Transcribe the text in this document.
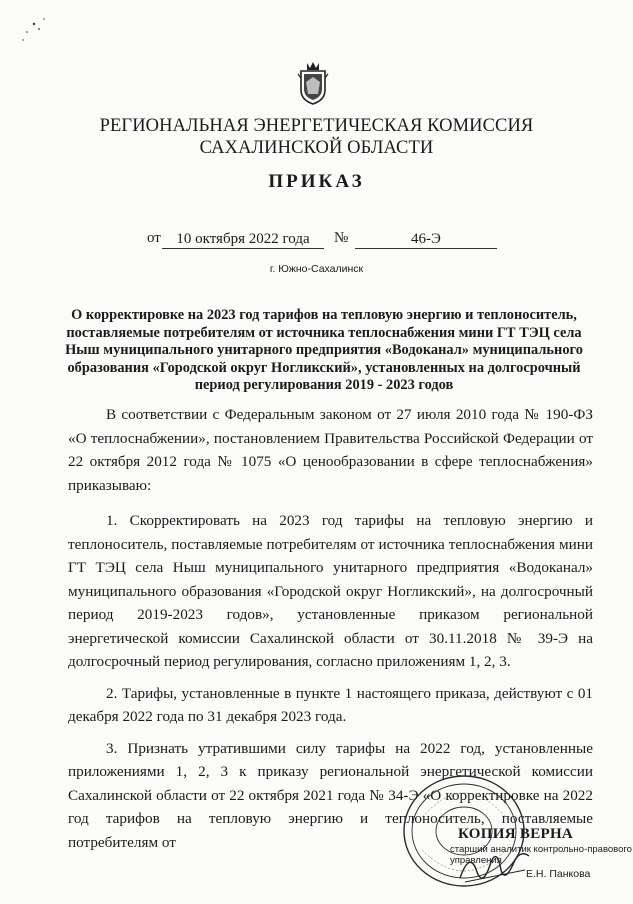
РЕГИОНАЛЬНАЯ ЭНЕРГЕТИЧЕСКАЯ КОМИССИЯ
САХАЛИНСКОЙ ОБЛАСТИ
ПРИКАЗ
от	10 октября 2022 года	№	46-Э
г. Южно-Сахалинск
О корректировке на 2023 год тарифов на тепловую энергию и теплоноситель, поставляемые потребителям от источника теплоснабжения мини ГТ ТЭЦ села Ныш муниципального унитарного предприятия «Водоканал» муниципального образования «Городской округ Ногликский», установленных на долгосрочный период регулирования 2019 - 2023 годов

В соответствии с Федеральным законом от 27 июля 2010 года № 190-ФЗ «О теплоснабжении», постановлением Правительства Российской Федерации от 22 октября 2012 года № 1075 «О ценообразовании в сфере теплоснабжения» приказываю:

1. Скорректировать на 2023 год тарифы на тепловую энергию и теплоноситель, поставляемые потребителям от источника теплоснабжения мини ГТ ТЭЦ села Ныш муниципального унитарного предприятия «Водоканал» муниципального образования «Городской округ Ногликский», на долгосрочный период 2019-2023 годов», установленные приказом региональной энергетической комиссии Сахалинской области от 30.11.2018 № 39-Э на долгосрочный период регулирования, согласно приложениям 1, 2, 3.

2. Тарифы, установленные в пункте 1 настоящего приказа, действуют с 01 декабря 2022 года по 31 декабря 2023 года.

3. Признать утратившими силу тарифы на 2022 год, установленные приложениями 1, 2, 3 к приказу региональной энергетической комиссии Сахалинской области от 22 октября 2021 года № 34-Э «О корректировке на 2022 год тарифов на тепловую энергию и теплоноситель, поставляемые потребителям от	КОПИЯ ВЕРНА
старший аналитик контрольно-правового управления
Е.Н. Панкова
